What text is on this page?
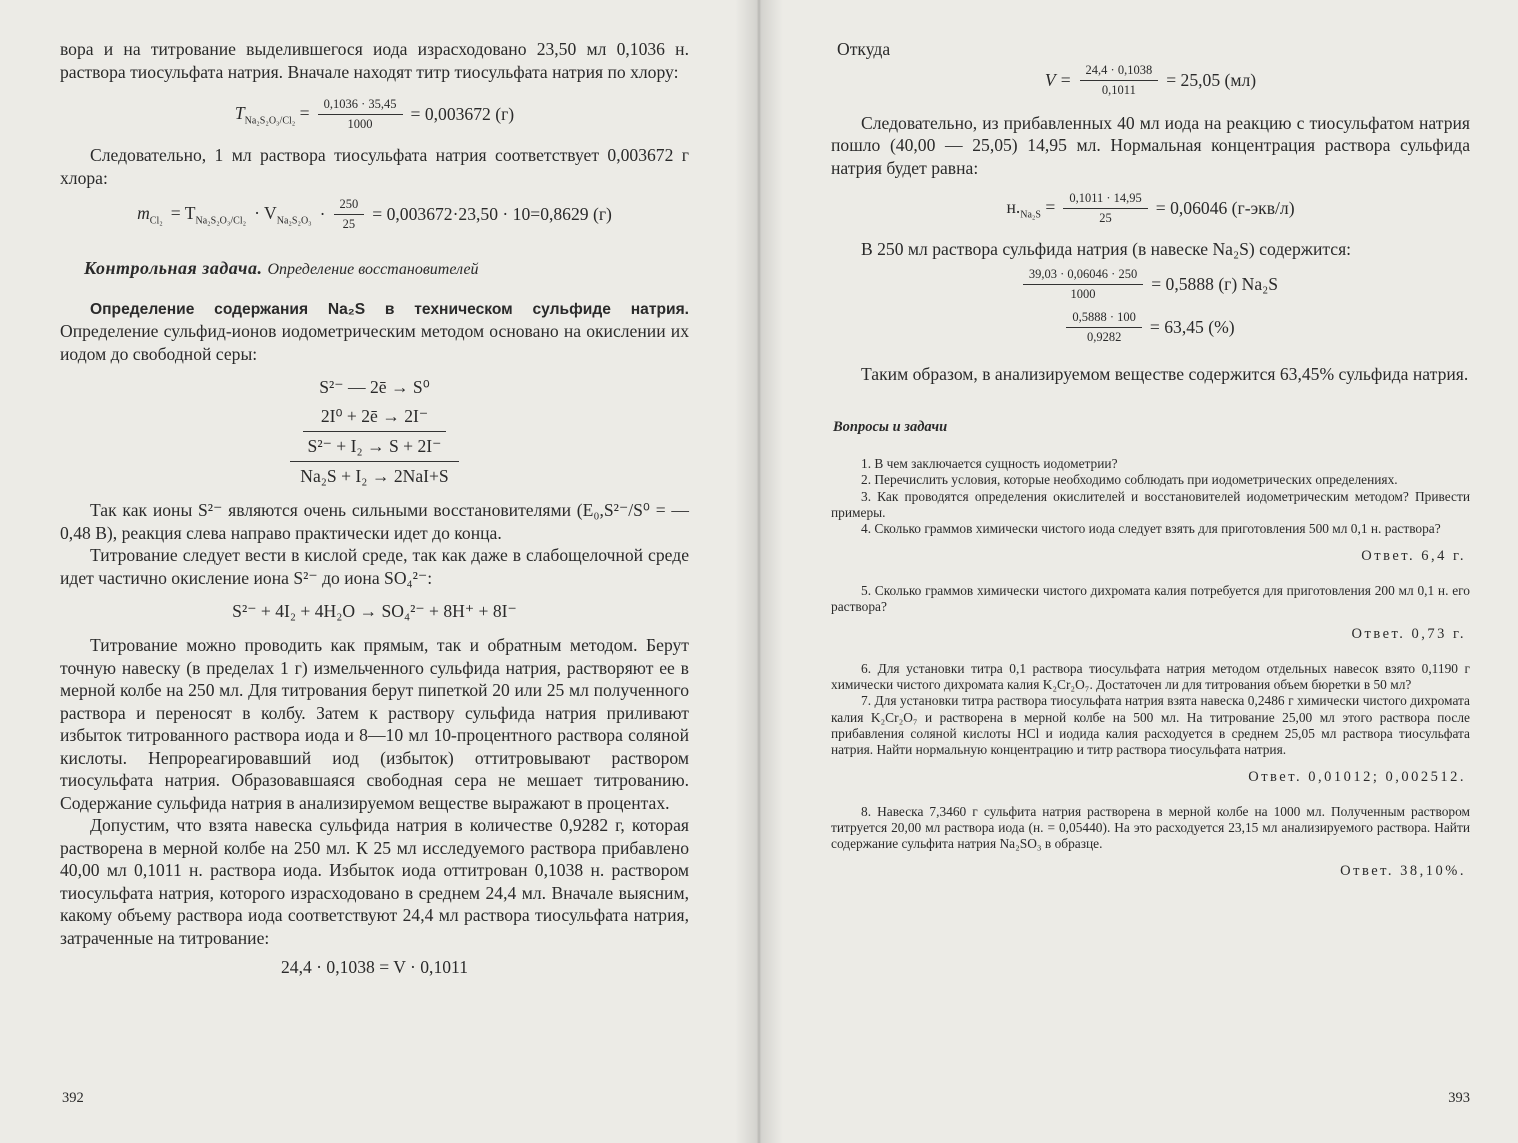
вора и на титрование выделившегося иода израсходовано 23,50 мл 0,1036 н. раствора тиосульфата натрия. Вначале находят титр тиосульфата натрия по хлору:

$T_{Na_2S_2O_3/Cl_2} = \frac{0,1036 \cdot 35,45}{1000} = 0,003672$ (г)

Следовательно, 1 мл раствора тиосульфата натрия соответствует 0,003672 г хлора:

$m_{Cl_2} = T_{Na_2S_2O_3/Cl_2} \cdot V_{Na_2S_2O_3} \cdot \frac{250}{25} = 0,003672\cdot 23,50 \cdot 10=0,8629$ (г)
Контрольная задача. Определение восстановителей

Определение содержания Na₂S в техническом сульфиде натрия. Определение сульфид-ионов иодометрическим методом основано на окислении их иодом до свободной серы:

S²⁻ — 2ē → S⁰
2I⁰ + 2ē → 2I⁻
S²⁻ + I₂ → S + 2I⁻
Na₂S + I₂ → 2NaI+S

Так как ионы S²⁻ являются очень сильными восстановителями (E₀,S²⁻/S⁰ = —0,48 В), реакция слева направо практически идет до конца.

Титрование следует вести в кислой среде, так как даже в слабощелочной среде идет частично окисление иона S²⁻ до иона SO₄²⁻:

S²⁻ + 4I₂ + 4H₂O → SO₄²⁻ + 8H⁺ + 8I⁻

Титрование можно проводить как прямым, так и обратным методом. Берут точную навеску (в пределах 1 г) измельченного сульфида натрия, растворяют ее в мерной колбе на 250 мл. Для титрования берут пипеткой 20 или 25 мл полученного раствора и переносят в колбу. Затем к раствору сульфида натрия приливают избыток титрованного раствора иода и 8—10 мл 10-процентного раствора соляной кислоты. Непрореагировавший иод (избыток) оттитровывают раствором тиосульфата натрия. Образовавшаяся свободная сера не мешает титрованию. Содержание сульфида натрия в анализируемом веществе выражают в процентах.

Допустим, что взята навеска сульфида натрия в количестве 0,9282 г, которая растворена в мерной колбе на 250 мл. К 25 мл исследуемого раствора прибавлено 40,00 мл 0,1011 н. раствора иода. Избыток иода оттитрован 0,1038 н. раствором тиосульфата натрия, которого израсходовано в среднем 24,4 мл. Вначале выясним, какому объему раствора иода соответствуют 24,4 мл раствора тиосульфата натрия, затраченные на титрование:

24,4 · 0,1038 = V · 0,1011
392

Откуда

$V = \frac{24,4 \cdot 0,1038}{0,1011} = 25,05$ (мл)

Следовательно, из прибавленных 40 мл иода на реакцию с тиосульфатом натрия пошло (40,00 — 25,05) 14,95 мл. Нормальная концентрация раствора сульфида натрия будет равна:

$н._{Na_2S} = \frac{0,1011 \cdot 14,95}{25} = 0,06046$ (г-экв/л)

В 250 мл раствора сульфида натрия (в навеске Na₂S) содержится:

$\frac{39,03 \cdot 0,06046 \cdot 250}{1000} = 0,5888$ (г) Na₂S
$\frac{0,5888 \cdot 100}{0,9282} = 63,45$ (%)

Таким образом, в анализируемом веществе содержится 63,45% сульфида натрия.

Вопросы и задачи

1. В чем заключается сущность иодометрии?

2. Перечислить условия, которые необходимо соблюдать при иодометрических определениях.

3. Как проводятся определения окислителей и восстановителей иодометрическим методом? Привести примеры.

4. Сколько граммов химически чистого иода следует взять для приготовления 500 мл 0,1 н. раствора?

Ответ. 6,4 г.

5. Сколько граммов химически чистого дихромата калия потребуется для приготовления 200 мл 0,1 н. его раствора?

Ответ. 0,73 г.

6. Для установки титра 0,1 раствора тиосульфата натрия методом отдельных навесок взято 0,1190 г химически чистого дихромата калия K₂Cr₂O₇. Достаточен ли для титрования объем бюретки в 50 мл?

7. Для установки титра раствора тиосульфата натрия взята навеска 0,2486 г химически чистого дихромата калия K₂Cr₂O₇ и растворена в мерной колбе на 500 мл. На титрование 25,00 мл этого раствора после прибавления соляной кислоты HCl и иодида калия расходуется в среднем 25,05 мл раствора тиосульфата натрия. Найти нормальную концентрацию и титр раствора тиосульфата натрия.

Ответ. 0,01012; 0,002512.

8. Навеска 7,3460 г сульфита натрия растворена в мерной колбе на 1000 мл. Полученным раствором титруется 20,00 мл раствора иода (н. = 0,05440). На это расходуется 23,15 мл анализируемого раствора. Найти содержание сульфита натрия Na₂SO₃ в образце.

Ответ. 38,10%.
393
